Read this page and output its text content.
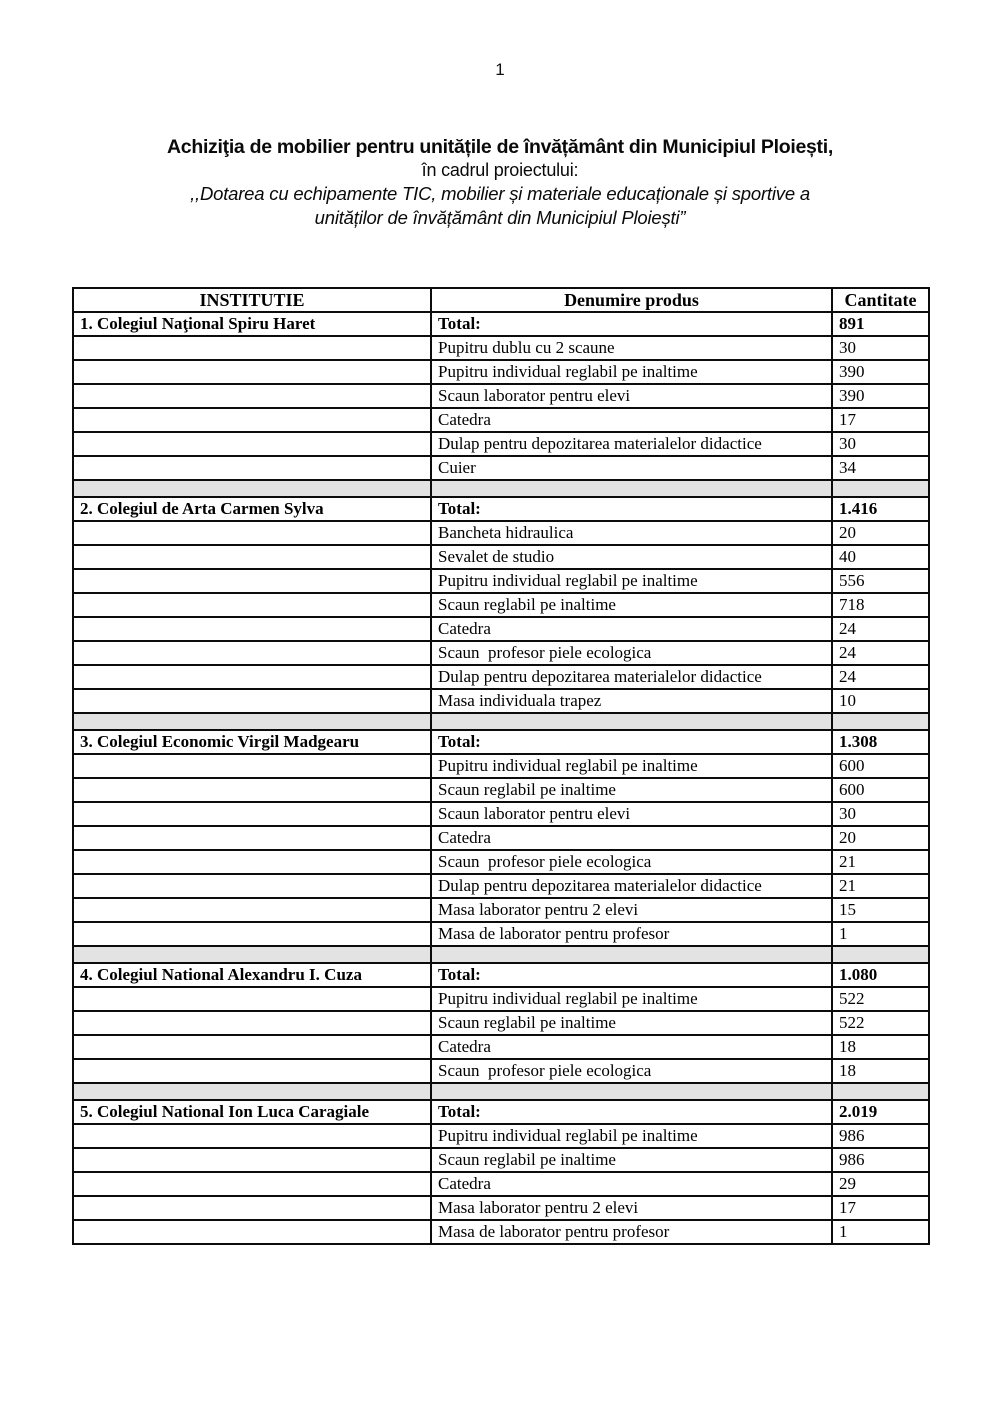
1
Achiziţia de mobilier pentru unitățile de învățământ din Municipiul Ploiești,
în cadrul proiectului:
,,Dotarea cu echipamente TIC, mobilier și materiale educaționale și sportive a
unităților de învățământ din Municipiul Ploiești”
INSTITUTIE	Denumire produs	Cantitate
1. Colegiul Naţional Spiru Haret	Total:	891
	Pupitru dublu cu 2 scaune	30
	Pupitru individual reglabil pe inaltime	390
	Scaun laborator pentru elevi	390
	Catedra	17
	Dulap pentru depozitarea materialelor didactice	30
	Cuier	34

2. Colegiul de Arta Carmen Sylva	Total:	1.416
	Bancheta hidraulica	20
	Sevalet de studio	40
	Pupitru individual reglabil pe inaltime	556
	Scaun reglabil pe inaltime	718
	Catedra	24
	Scaun  profesor piele ecologica	24
	Dulap pentru depozitarea materialelor didactice	24
	Masa individuala trapez	10

3. Colegiul Economic Virgil Madgearu	Total:	1.308
	Pupitru individual reglabil pe inaltime	600
	Scaun reglabil pe inaltime	600
	Scaun laborator pentru elevi	30
	Catedra	20
	Scaun  profesor piele ecologica	21
	Dulap pentru depozitarea materialelor didactice	21
	Masa laborator pentru 2 elevi	15
	Masa de laborator pentru profesor	1

4. Colegiul National Alexandru I. Cuza	Total:	1.080
	Pupitru individual reglabil pe inaltime	522
	Scaun reglabil pe inaltime	522
	Catedra	18
	Scaun  profesor piele ecologica	18

5. Colegiul National Ion Luca Caragiale	Total:	2.019
	Pupitru individual reglabil pe inaltime	986
	Scaun reglabil pe inaltime	986
	Catedra	29
	Masa laborator pentru 2 elevi	17
	Masa de laborator pentru profesor	1
